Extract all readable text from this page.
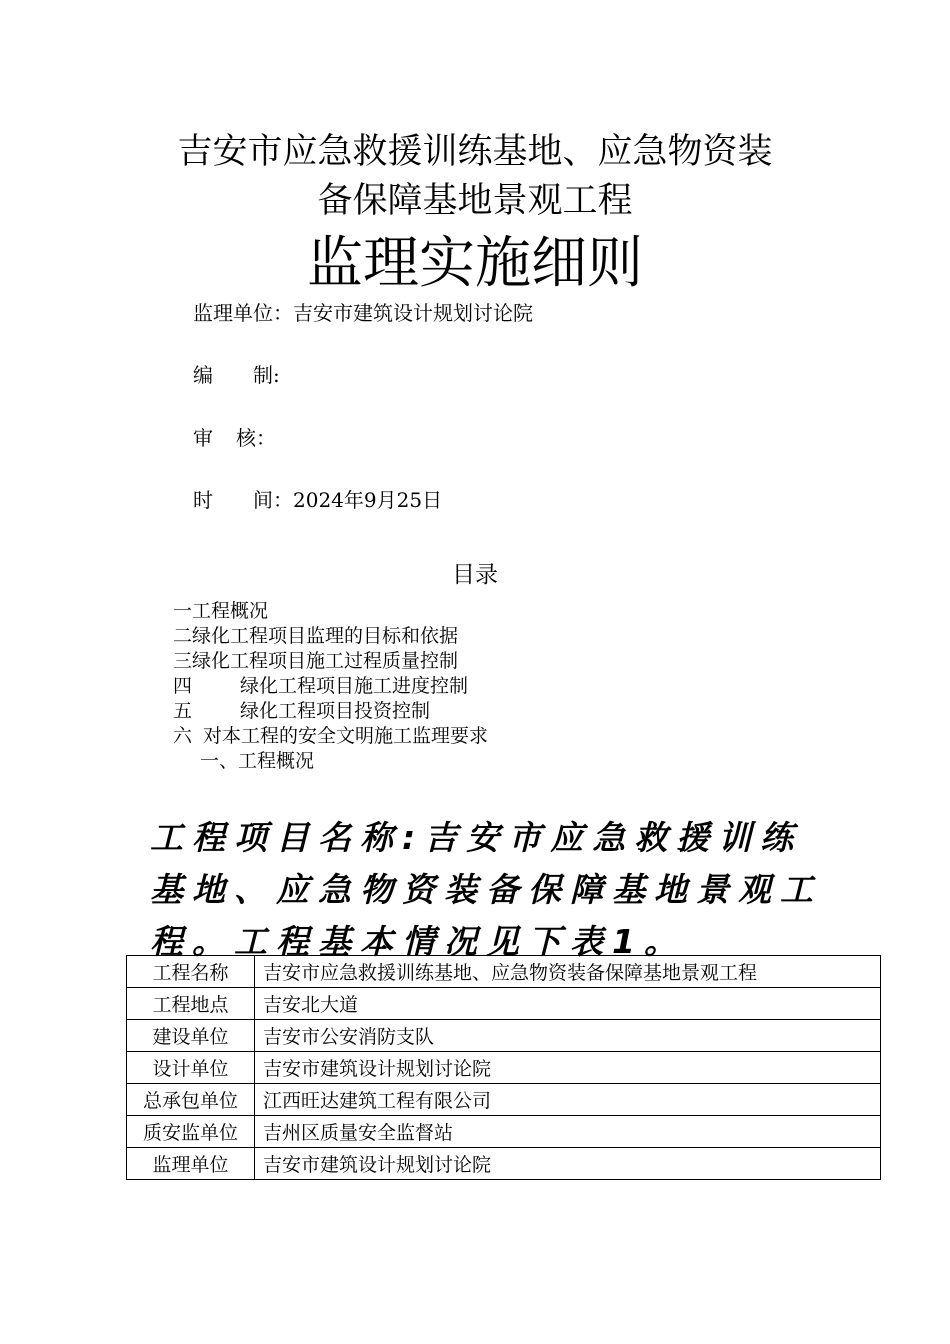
吉安市应急救援训练基地、应急物资装
备保障基地景观工程
监理实施细则
监理单位：吉安市建筑设计规划讨论院
编 制:
审 核：
时 间：2024年9月25日
目录
一工程概况
二绿化工程项目监理的目标和依据
三绿化工程项目施工过程质量控制
四	绿化工程项目施工进度控制
五	绿化工程项目投资控制
六 对本工程的安全文明施工监理要求
一、工程概况
工程项目名称:吉安市应急救援训练基地、应急物资装备保障基地景观工程。工程基本情况见下表1。
工程名称	吉安市应急救援训练基地、应急物资装备保障基地景观工程
工程地点	吉安北大道
建设单位	吉安市公安消防支队
设计单位	吉安市建筑设计规划讨论院
总承包单位	江西旺达建筑工程有限公司
质安监单位	吉州区质量安全监督站
监理单位	吉安市建筑设计规划讨论院
